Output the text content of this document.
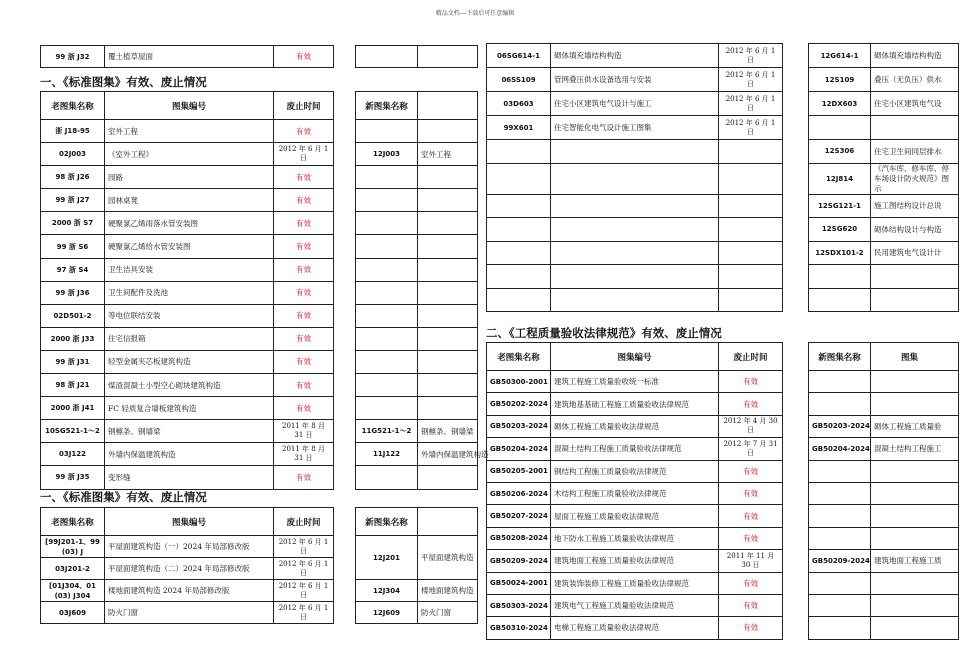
精品文档---下载后可任意编辑
99 浙 J32	覆土植草屋面	有效			
一、《标准图集》有效、废止情况
老图集名称	图集编号	废止时间		新图集名称	
浙 J18-95	室外工程	有效			
02J003	《室外工程》	2012 年 6 月 1 日		12J003	室外工程
98 浙 J26	园路	有效			
99 浙 J27	园林桌凳	有效			
2000 浙 S7	硬聚氯乙烯雨落水管安装图	有效			
99 浙 S6	硬聚氯乙烯给水管安装图	有效			
97 浙 S4	卫生洁具安装	有效			
99 浙 J36	卫生间配件及洗池	有效			
02D501-2	等电位联结安装	有效			
2000 浙 J33	住宅信报箱	有效			
99 浙 J31	轻型金属夹芯板建筑构造	有效			
98 浙 J21	煤渣混凝土小型空心砌块建筑构造	有效			
2000 浙 J41	FC 轻质复合墙板建筑构造	有效			
10SG521-1～2	钢檩条、钢墙梁	2011 年 8 月 31 日		11G521-1～2	钢檩条、钢墙梁
03J122	外墙内保温建筑构造	2011 年 8 月 31 日		11J122	外墙内保温建筑构造
99 浙 J35	变形缝	有效			
一、《标准图集》有效、废止情况
老图集名称	图集编号	废止时间		新图集名称	
[99J201-1、99 (03) J	平屋面建筑构造（一）2024 年局部修改版	2012 年 6 月 1 日		12J201	平屋面建筑构造
03J201-2	平屋面建筑构造（二）2024 年局部修改版	2012 年 6 月 1 日			
[01J304、01 (03) J304	楼地面建筑构造 2024 年局部修改版	2012 年 6 月 1 日		12J304	楼地面建筑构造
03J609	防火门窗	2012 年 6 月 1 日		12J609	防火门窗
06SG614-1	砌体填充墙结构构造	2012 年 6 月 1 日		12G614-1	砌体填充墙结构构造
06SS109	管网叠压供水设备选用与安装	2012 年 6 月 1 日		12S109	叠压（无负压）供水
03D603	住宅小区建筑电气设计与施工	2012 年 6 月 1 日		12DX603	住宅小区建筑电气设
99X601	住宅智能化电气设计施工图集	2012 年 6 月 1 日			
				12S306	住宅卫生间同层排水
				12J814	《汽车库、修车库、停车场设计防火规范》图示
				12SG121-1	施工图结构设计总说
				12SG620	砌体结构设计与构造
				12SDX101-2	民用建筑电气设计计

二、《工程质量验收法律规范》有效、废止情况
老图集名称	图集编号	废止时间		新图集名称	图集
GB50300-2001	建筑工程施工质量验收统一标准	有效			
GB50202-2024	建筑地基基础工程施工质量验收法律规范	有效			
GB50203-2024	砌体工程施工质量验收法律规范	2012 年 4 月 30 日		GB50203-2024	砌体工程施工质量验
GB50204-2024	混凝土结构工程施工质量验收法律规范	2012 年 7 月 31 日		GB50204-2024	混凝土结构工程施工
GB50205-2001	钢结构工程施工质量验收法律规范	有效			
GB50206-2024	木结构工程施工质量验收法律规范	有效			
GB50207-2024	屋面工程施工质量验收法律规范	有效			
GB50208-2024	地下防水工程施工质量验收法律规范	有效			
GB50209-2024	建筑地面工程施工质量验收法律规范	2011 年 11 月 30 日		GB50209-2024	建筑地面工程施工质
GB50024-2001	建筑装饰装修工程施工质量验收法律规范	有效			
GB50303-2024	建筑电气工程施工质量验收法律规范	有效			
GB50310-2024	电梯工程施工质量验收法律规范	有效			
